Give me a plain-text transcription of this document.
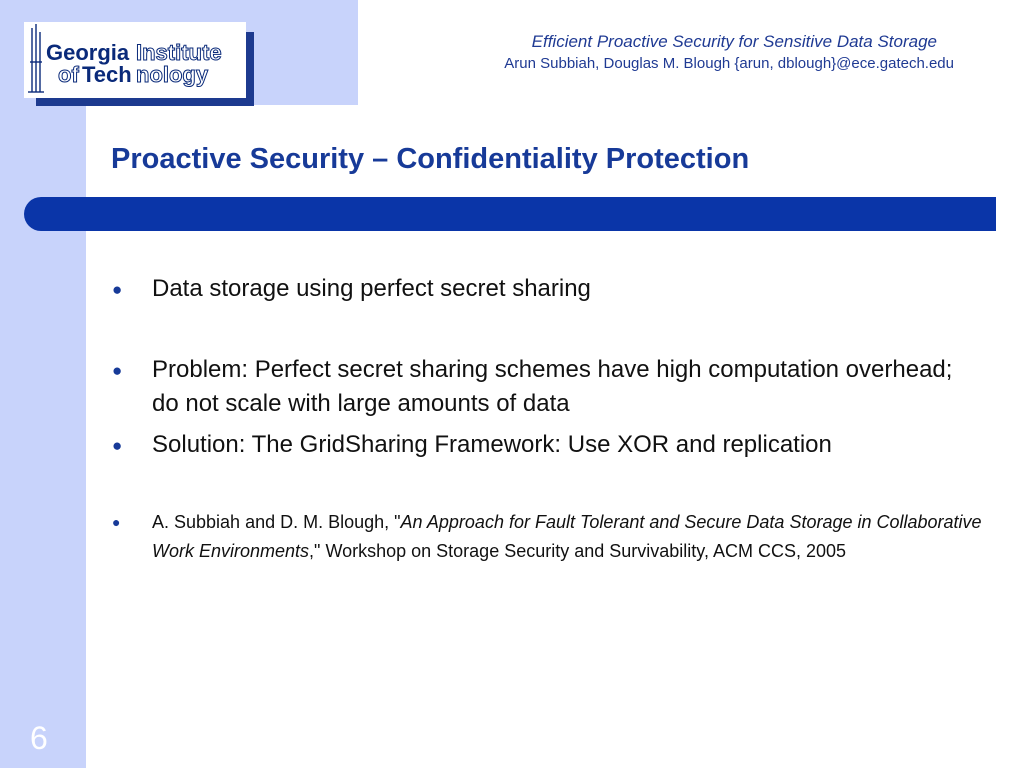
Georgia Institute
of Tech nology
Efficient Proactive Security for Sensitive Data Storage
Arun Subbiah, Douglas M. Blough {arun, dblough}@ece.gatech.edu
Proactive Security – Confidentiality Protection
● Data storage using perfect secret sharing
● Problem: Perfect secret sharing schemes have high computation overhead; do not scale with large amounts of data
● Solution: The GridSharing Framework: Use XOR and replication
● A. Subbiah and D. M. Blough, "An Approach for Fault Tolerant and Secure Data Storage in Collaborative Work Environments," Workshop on Storage Security and Survivability, ACM CCS, 2005
6
